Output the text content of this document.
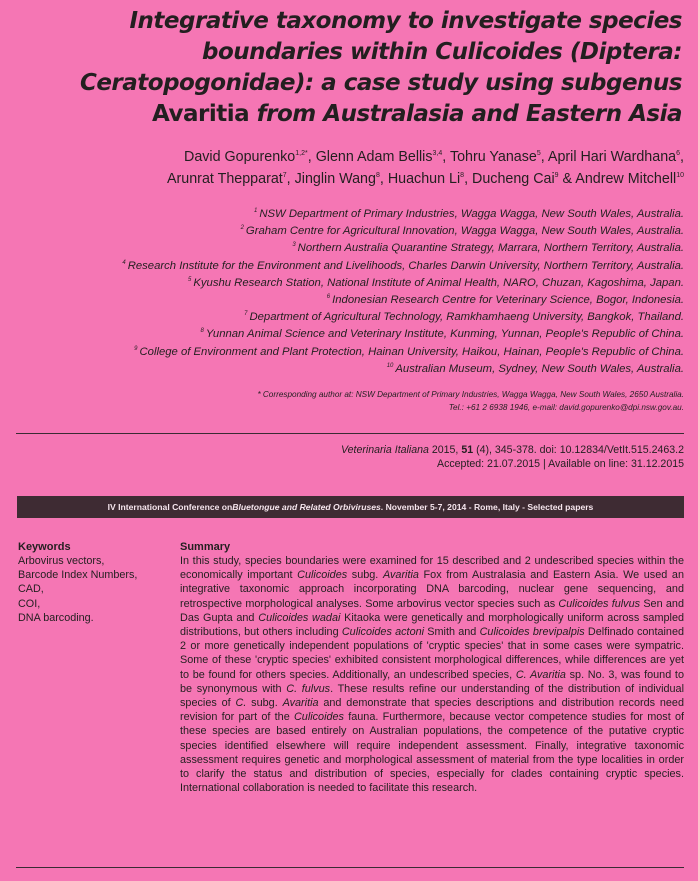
Integrative taxonomy to investigate species
boundaries within Culicoides (Diptera:
Ceratopogonidae): a case study using subgenus
Avaritia from Australasia and Eastern Asia
David Gopurenko$^{1,2*}$, Glenn Adam Bellis$^{3,4}$, Tohru Yanase$^5$, April Hari Wardhana$^6$,
Arunrat Thepparat$^7$, Jinglin Wang$^8$, Huachun Li$^8$, Ducheng Cai$^9$ & Andrew Mitchell$^{10}$
$^1$ NSW Department of Primary Industries, Wagga Wagga, New South Wales, Australia.
$^2$ Graham Centre for Agricultural Innovation, Wagga Wagga, New South Wales, Australia.
$^3$ Northern Australia Quarantine Strategy, Marrara, Northern Territory, Australia.
$^4$ Research Institute for the Environment and Livelihoods, Charles Darwin University, Northern Territory, Australia.
$^5$ Kyushu Research Station, National Institute of Animal Health, NARO, Chuzan, Kagoshima, Japan.
$^6$ Indonesian Research Centre for Veterinary Science, Bogor, Indonesia.
$^7$ Department of Agricultural Technology, Ramkhamhaeng University, Bangkok, Thailand.
$^8$ Yunnan Animal Science and Veterinary Institute, Kunming, Yunnan, People's Republic of China.
$^9$ College of Environment and Plant Protection, Hainan University, Haikou, Hainan, People's Republic of China.
$^{10}$ Australian Museum, Sydney, New South Wales, Australia.
* Corresponding author at: NSW Department of Primary Industries, Wagga Wagga, New South Wales, 2650 Australia.
Tel.: +61 2 6938 1946, e-mail: david.gopurenko@dpi.nsw.gov.au.
Veterinaria Italiana 2015, 51 (4), 345-378. doi: 10.12834/VetIt.515.2463.2
Accepted: 21.07.2015 | Available on line: 31.12.2015
IV International Conference on Bluetongue and Related Orbiviruses . November 5-7, 2014 - Rome, Italy - Selected papers
Keywords
Arbovirus vectors,
Barcode Index Numbers,
CAD,
COI,
DNA barcoding.
Summary

In this study, species boundaries were examined for 15 described and 2 undescribed species within the economically important Culicoides subg. Avaritia Fox from Australasia and Eastern Asia. We used an integrative taxonomic approach incorporating DNA barcoding, nuclear gene sequencing, and retrospective morphological analyses. Some arbovirus vector species such as Culicoides fulvus Sen and Das Gupta and Culicoides wadai Kitaoka were genetically and morphologically uniform across sampled distributions, but others including Culicoides actoni Smith and Culicoides brevipalpis Delfinado contained 2 or more genetically independent populations of 'cryptic species' that in some cases were sympatric. Some of these 'cryptic species' exhibited consistent morphological differences, while differences are yet to be found for others species. Additionally, an undescribed species, C. Avaritia sp. No. 3, was found to be synonymous with C. fulvus. These results refine our understanding of the distribution of individual species of C. subg. Avaritia and demonstrate that species descriptions and distribution records need revision for part of the Culicoides fauna. Furthermore, because vector competence studies for most of these species are based entirely on Australian populations, the competence of the putative cryptic species identified elsewhere will require independent assessment. Finally, integrative taxonomic assessment requires genetic and morphological assessment of material from the type localities in order to clarify the status and distribution of species, especially for clades containing cryptic species. International collaboration is needed to facilitate this research.
